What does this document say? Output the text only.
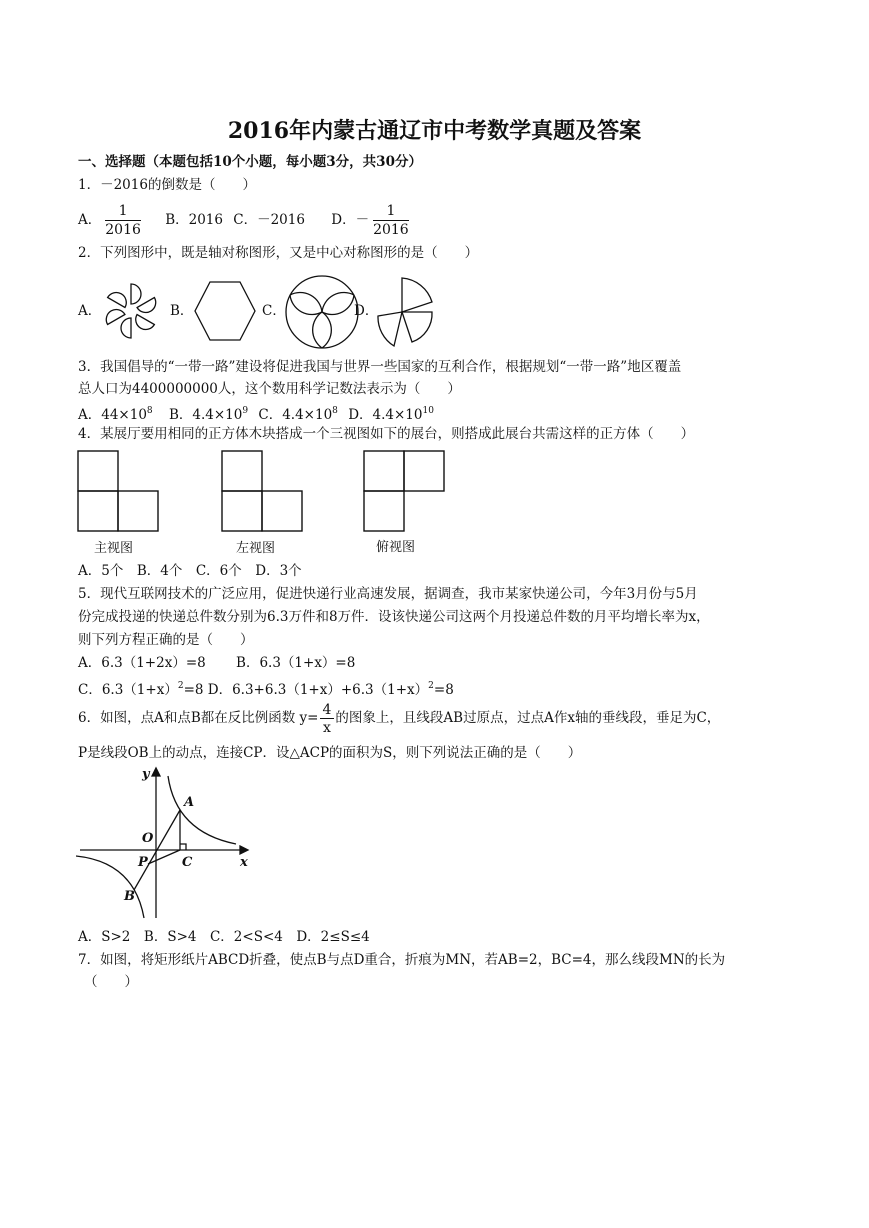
2016年内蒙古通辽市中考数学真题及答案
一、选择题（本题包括10个小题，每小题3分，共30分）
1．－2016的倒数是（　　）
A． $\frac{1}{2016}$ B．2016 C．－2016 D．－ $\frac{1}{2016}$
2．下列图形中，既是轴对称图形，又是中心对称图形的是（　　）
A．	B．	C．	D．
3．我国倡导的“一带一路”建设将促进我国与世界一些国家的互利合作，根据规划“一带一路”地区覆盖
总人口为4400000000人，这个数用科学记数法表示为（　　）
A．$44\times 10^8$ B．$4.4\times 10^9$ C．$4.4\times 10^8$ D．$4.4\times 10^{10}$
4．某展厅要用相同的正方体木块搭成一个三视图如下的展台，则搭成此展台共需这样的正方体（　　）
主视图	左视图	俯视图
A．5个　B．4个　C．6个　D．3个
5．现代互联网技术的广泛应用，促进快递行业高速发展，据调查，我市某家快递公司，今年3月份与5月
份完成投递的快递总件数分别为6.3万件和8万件．设该快递公司这两个月投递总件数的月平均增长率为x，
则下列方程正确的是（　　）
A．6.3（1+2x）=8 B．6.3（1+x）=8
C．$6.3(1+x)^2=8$ D．$6.3+6.3(1+x)+6.3(1+x)^2=8$
6．如图，点A和点B都在反比例函数 $y= \frac{4}{x}$ 的图象上，且线段AB过原点，过点A作x轴的垂线段，垂足为C，
P是线段OB上的动点，连接CP．设△ACP的面积为S，则下列说法正确的是（　　）
y
x
O
A
B
C
P
A．S>2　B．S>4　C．2<S<4　D．2≤S≤4
7．如图，将矩形纸片ABCD折叠，使点B与点D重合，折痕为MN，若AB=2，BC=4，那么线段MN的长为
（　　）
